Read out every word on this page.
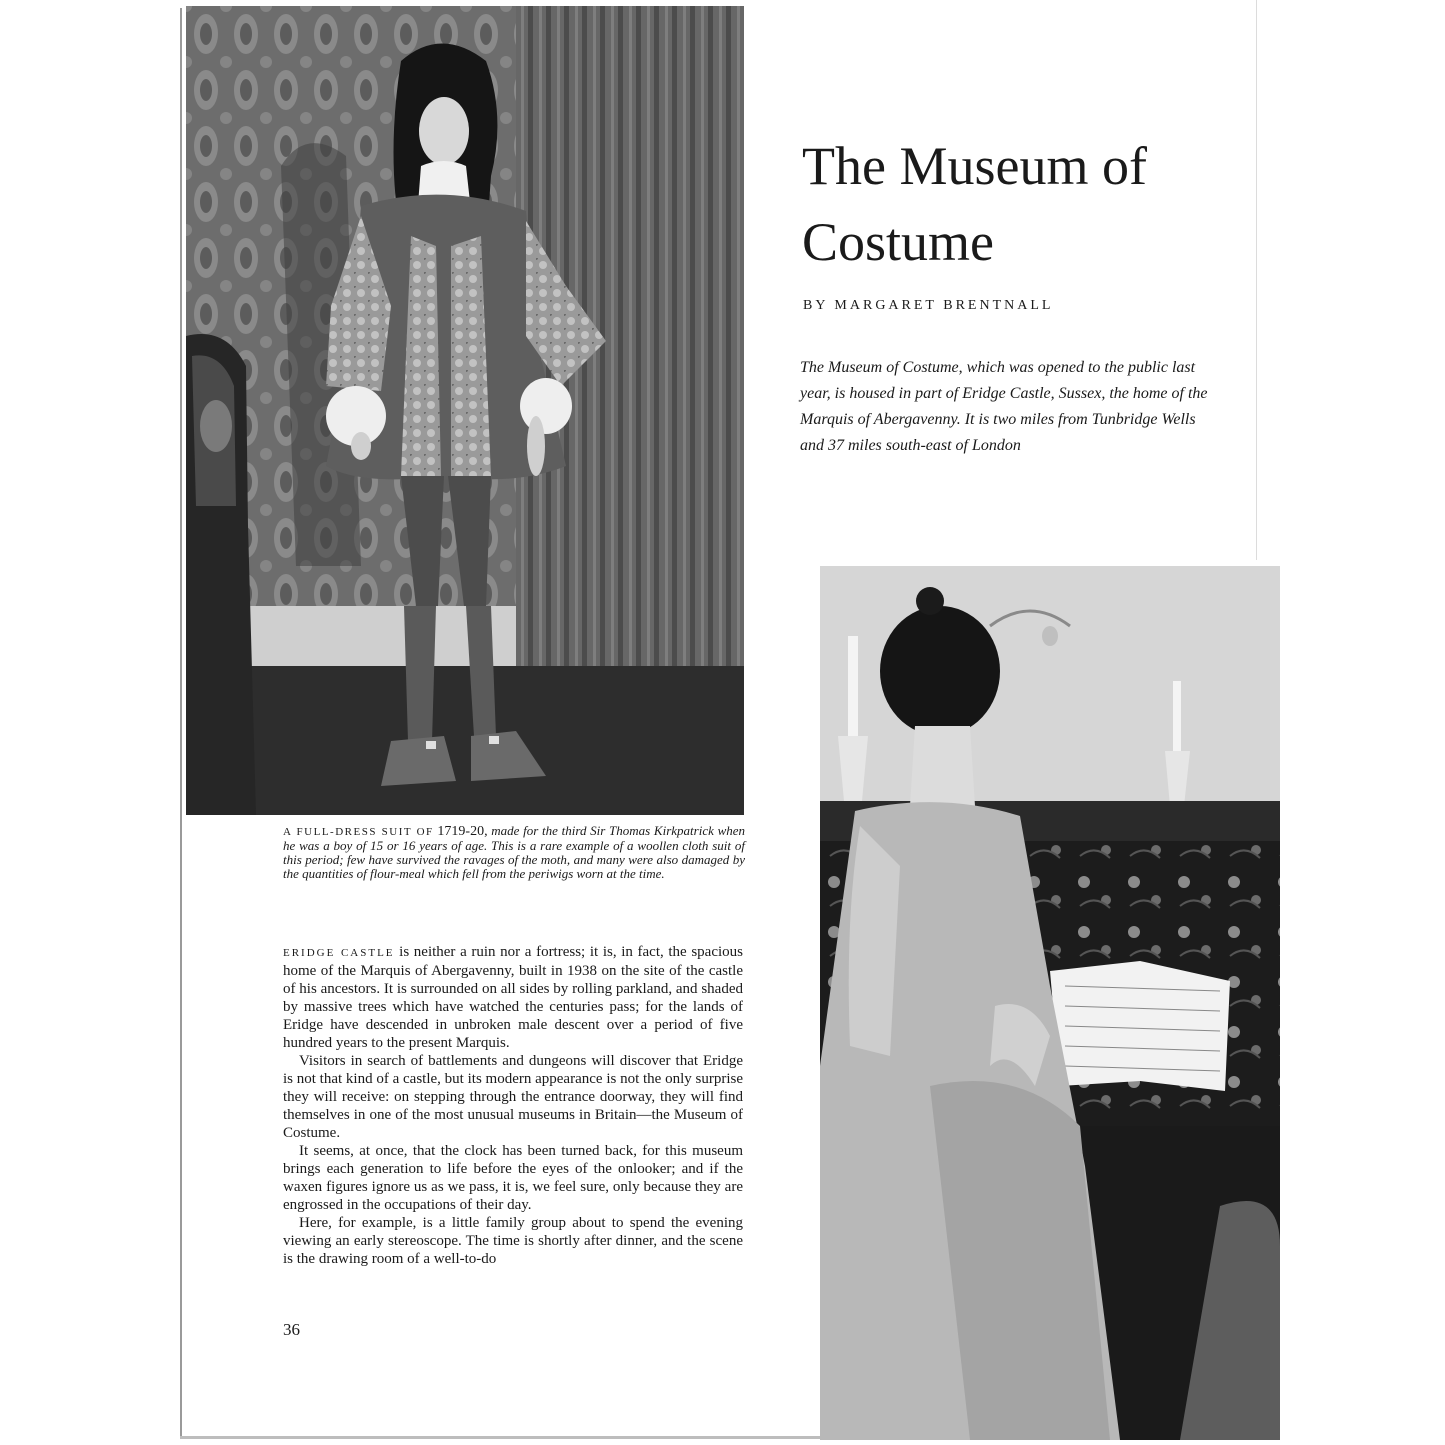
A FULL-DRESS SUIT OF 1719-20, made for the third Sir Thomas Kirkpatrick when he was a boy of 15 or 16 years of age. This is a rare example of a woollen cloth suit of this period; few have survived the ravages of the moth, and many were also damaged by the quantities of flour-meal which fell from the periwigs worn at the time.
The Museum of
Costume
BY MARGARET BRENTNALL
The Museum of Costume, which was opened to the public last year, is housed in part of Eridge Castle, Sussex, the home of the Marquis of Abergavenny. It is two miles from Tunbridge Wells and 37 miles south-east of London

ERIDGE CASTLE is neither a ruin nor a fortress; it is, in fact, the spacious home of the Marquis of Abergavenny, built in 1938 on the site of the castle of his ancestors. It is surrounded on all sides by rolling parkland, and shaded by massive trees which have watched the centuries pass; for the lands of Eridge have descended in unbroken male descent over a period of five hundred years to the present Marquis.

Visitors in search of battlements and dungeons will discover that Eridge is not that kind of a castle, but its modern appearance is not the only surprise they will receive: on stepping through the entrance doorway, they will find themselves in one of the most unusual museums in Britain—the Museum of Costume.

It seems, at once, that the clock has been turned back, for this museum brings each generation to life before the eyes of the onlooker; and if the waxen figures ignore us as we pass, it is, we feel sure, only because they are engrossed in the occupations of their day.

Here, for example, is a little family group about to spend the evening viewing an early stereoscope. The time is shortly after dinner, and the scene is the drawing room of a well-to-do

36
